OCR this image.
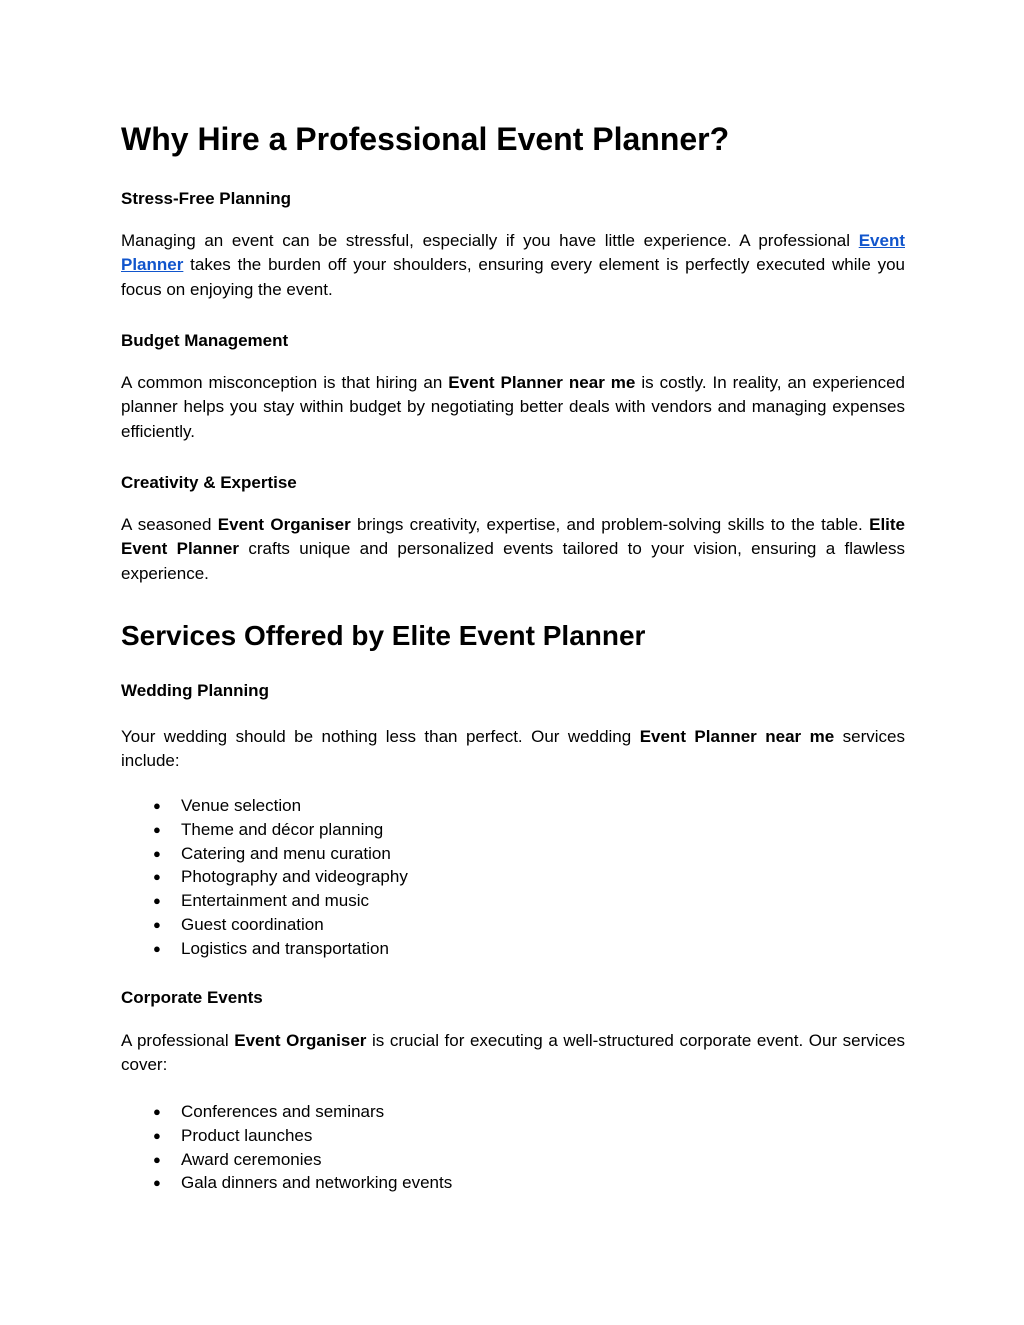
Why Hire a Professional Event Planner?
Stress-Free Planning

Managing an event can be stressful, especially if you have little experience. A professional Event Planner takes the burden off your shoulders, ensuring every element is perfectly executed while you focus on enjoying the event.

Budget Management

A common misconception is that hiring an Event Planner near me is costly. In reality, an experienced planner helps you stay within budget by negotiating better deals with vendors and managing expenses efficiently.

Creativity & Expertise

A seasoned Event Organiser brings creativity, expertise, and problem-solving skills to the table. Elite Event Planner crafts unique and personalized events tailored to your vision, ensuring a flawless experience.

Services Offered by Elite Event Planner
Wedding Planning

Your wedding should be nothing less than perfect. Our wedding Event Planner near me services include:

● Venue selection
● Theme and décor planning
● Catering and menu curation
● Photography and videography
● Entertainment and music
● Guest coordination
● Logistics and transportation
Corporate Events

A professional Event Organiser is crucial for executing a well-structured corporate event. Our services cover:

● Conferences and seminars
● Product launches
● Award ceremonies
● Gala dinners and networking events
